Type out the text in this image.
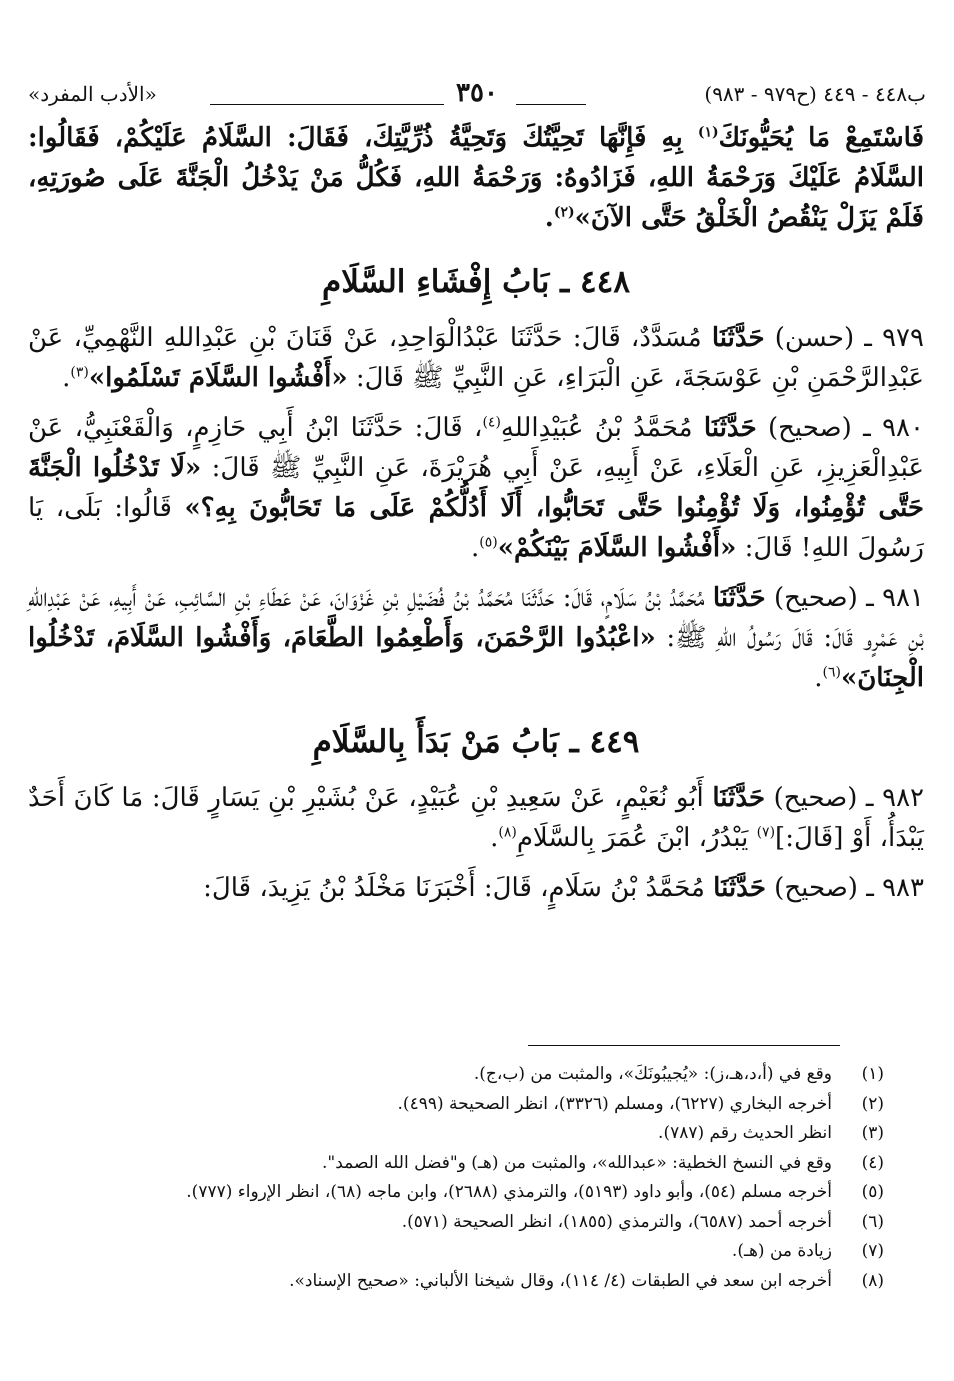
ب٤٤٨ - ٤٤٩ (ح٩٧٩ - ٩٨٣)
٣٥٠
«الأدب المفرد»

فَاسْتَمِعْ مَا يُحَيُّونَكَ$^{(١)}$ بِهِ فَإِنَّهَا تَحِيَّتُكَ وَتَحِيَّةُ ذُرِّيَّتِكَ، فَقَالَ: السَّلَامُ عَلَيْكُمْ، فَقَالُوا: السَّلَامُ عَلَيْكَ وَرَحْمَةُ اللهِ، فَزَادُوهُ: وَرَحْمَةُ اللهِ، فَكُلُّ مَنْ يَدْخُلُ الْجَنَّةَ عَلَى صُورَتِهِ، فَلَمْ يَزَلْ يَنْقُصُ الْخَلْقُ حَتَّى الآنَ»$^{(٢)}$.

٤٤٨ ـ بَابُ إِفْشَاءِ السَّلَامِ

٩٧٩ ـ (حسن) حَدَّثَنَا مُسَدَّدٌ، قَالَ: حَدَّثَنَا عَبْدُالْوَاحِدِ، عَنْ قَنَانَ بْنِ عَبْدِاللهِ النَّهْمِيِّ، عَنْ عَبْدِالرَّحْمَنِ بْنِ عَوْسَجَةَ، عَنِ الْبَرَاءِ، عَنِ النَّبِيِّ ﷺ قَالَ: «أَفْشُوا السَّلَامَ تَسْلَمُوا»$^{(٣)}$.

٩٨٠ ـ (صحيح) حَدَّثَنَا مُحَمَّدُ بْنُ عُبَيْدِاللهِ$^{(٤)}$، قَالَ: حَدَّثَنَا ابْنُ أَبِي حَازِمٍ، وَالْقَعْنَبِيُّ، عَنْ عَبْدِالْعَزِيزِ، عَنِ الْعَلَاءِ، عَنْ أَبِيهِ، عَنْ أَبِي هُرَيْرَةَ، عَنِ النَّبِيِّ ﷺ قَالَ: «لَا تَدْخُلُوا الْجَنَّةَ حَتَّى تُؤْمِنُوا، وَلَا تُؤْمِنُوا حَتَّى تَحَابُّوا، أَلَا أَدُلُّكُمْ عَلَى مَا تَحَابُّونَ بِهِ؟» قَالُوا: بَلَى، يَا رَسُولَ اللهِ! قَالَ: «أَفْشُوا السَّلَامَ بَيْنَكُمْ»$^{(٥)}$.

٩٨١ ـ (صحيح) حَدَّثَنَا مُحَمَّدُ بْنُ سَلَامٍ، قَالَ: حَدَّثَنَا مُحَمَّدُ بْنُ فُضَيْلِ بْنِ غَزْوَانَ، عَنْ عَطَاءِ بْنِ السَّائِبِ، عَنْ أَبِيهِ، عَنْ عَبْدِاللهِ بْنِ عَمْرٍو قَالَ: قَالَ رَسُولُ اللهِ ﷺ: «اعْبُدُوا الرَّحْمَنَ، وَأَطْعِمُوا الطَّعَامَ، وَأَفْشُوا السَّلَامَ، تَدْخُلُوا الْجِنَانَ»$^{(٦)}$.

٤٤٩ ـ بَابُ مَنْ بَدَأَ بِالسَّلَامِ

٩٨٢ ـ (صحيح) حَدَّثَنَا أَبُو نُعَيْمٍ، عَنْ سَعِيدِ بْنِ عُبَيْدٍ، عَنْ بُشَيْرِ بْنِ يَسَارٍ قَالَ: مَا كَانَ أَحَدٌ يَبْدَأُ، أَوْ [قَالَ:]$^{(٧)}$ يَبْدُرُ، ابْنَ عُمَرَ بِالسَّلَامِ$^{(٨)}$.

٩٨٣ ـ (صحيح) حَدَّثَنَا مُحَمَّدُ بْنُ سَلَامٍ، قَالَ: أَخْبَرَنَا مَخْلَدُ بْنُ يَزِيدَ، قَالَ:

(١)وقع في (أ،د،هـ،ز): «يُجيبُونَكَ»، والمثبت من (ب،ج).
(٢)أخرجه البخاري (٦٢٢٧)، ومسلم (٣٣٢٦)، انظر الصحيحة (٤٩٩).
(٣)انظر الحديث رقم (٧٨٧).
(٤)وقع في النسخ الخطية: «عبدالله»، والمثبت من (هـ) و"فضل الله الصمد".
(٥)أخرجه مسلم (٥٤)، وأبو داود (٥١٩٣)، والترمذي (٢٦٨٨)، وابن ماجه (٦٨)، انظر الإرواء (٧٧٧).
(٦)أخرجه أحمد (٦٥٨٧)، والترمذي (١٨٥٥)، انظر الصحيحة (٥٧١).
(٧)زيادة من (هـ).
(٨)أخرجه ابن سعد في الطبقات (٤/ ١١٤)، وقال شيخنا الألباني: «صحيح الإسناد».
